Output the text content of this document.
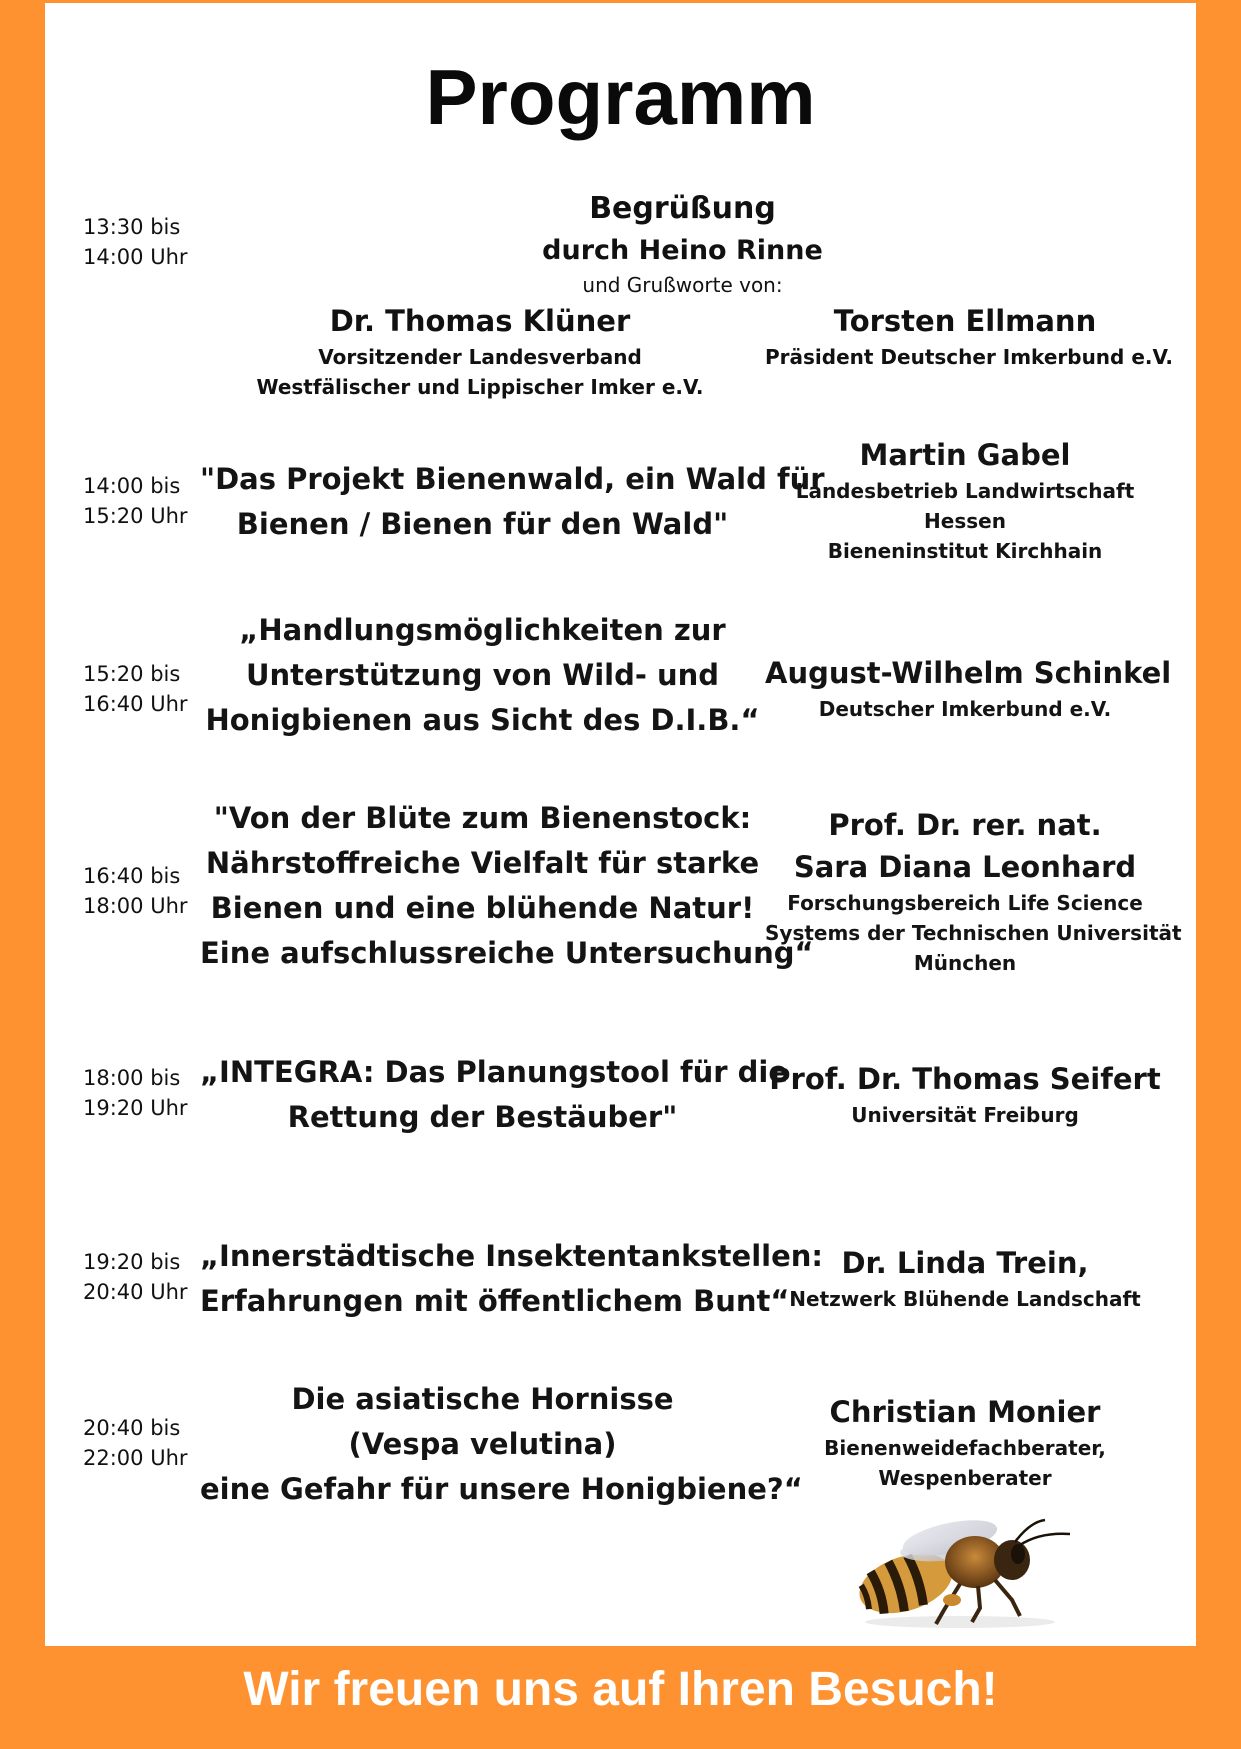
Programm
13:30 bis
14:00 Uhr
Begrüßung
durch Heino Rinne
und Grußworte von:
Dr. Thomas Klüner
Vorsitzender Landesverband
Westfälischer und Lippischer Imker e.V.
Torsten Ellmann
Präsident Deutscher Imkerbund e.V.
14:00 bis
15:20 Uhr
"Das Projekt Bienenwald, ein Wald für
Bienen / Bienen für den Wald"
Martin Gabel
Landesbetrieb Landwirtschaft
Hessen
Bieneninstitut Kirchhain
15:20 bis
16:40 Uhr
„Handlungsmöglichkeiten zur
Unterstützung von Wild- und
Honigbienen aus Sicht des D.I.B.“
August-Wilhelm Schinkel
Deutscher Imkerbund e.V.
16:40 bis
18:00 Uhr
"Von der Blüte zum Bienenstock:
Nährstoffreiche Vielfalt für starke
Bienen und eine blühende Natur!
Eine aufschlussreiche Untersuchung“
Prof. Dr. rer. nat.
Sara Diana Leonhard
Forschungsbereich Life Science
Systems der Technischen Universität
München
18:00 bis
19:20 Uhr
„INTEGRA: Das Planungstool für die
Rettung der Bestäuber"
Prof. Dr. Thomas Seifert
Universität Freiburg
19:20 bis
20:40 Uhr
„Innerstädtische Insektentankstellen:
Erfahrungen mit öffentlichem Bunt“
Dr. Linda Trein,
Netzwerk Blühende Landschaft
20:40 bis
22:00 Uhr
Die asiatische Hornisse
(Vespa velutina)
eine Gefahr für unsere Honigbiene?“
Christian Monier
Bienenweidefachberater,
Wespenberater
Wir freuen uns auf Ihren Besuch!
